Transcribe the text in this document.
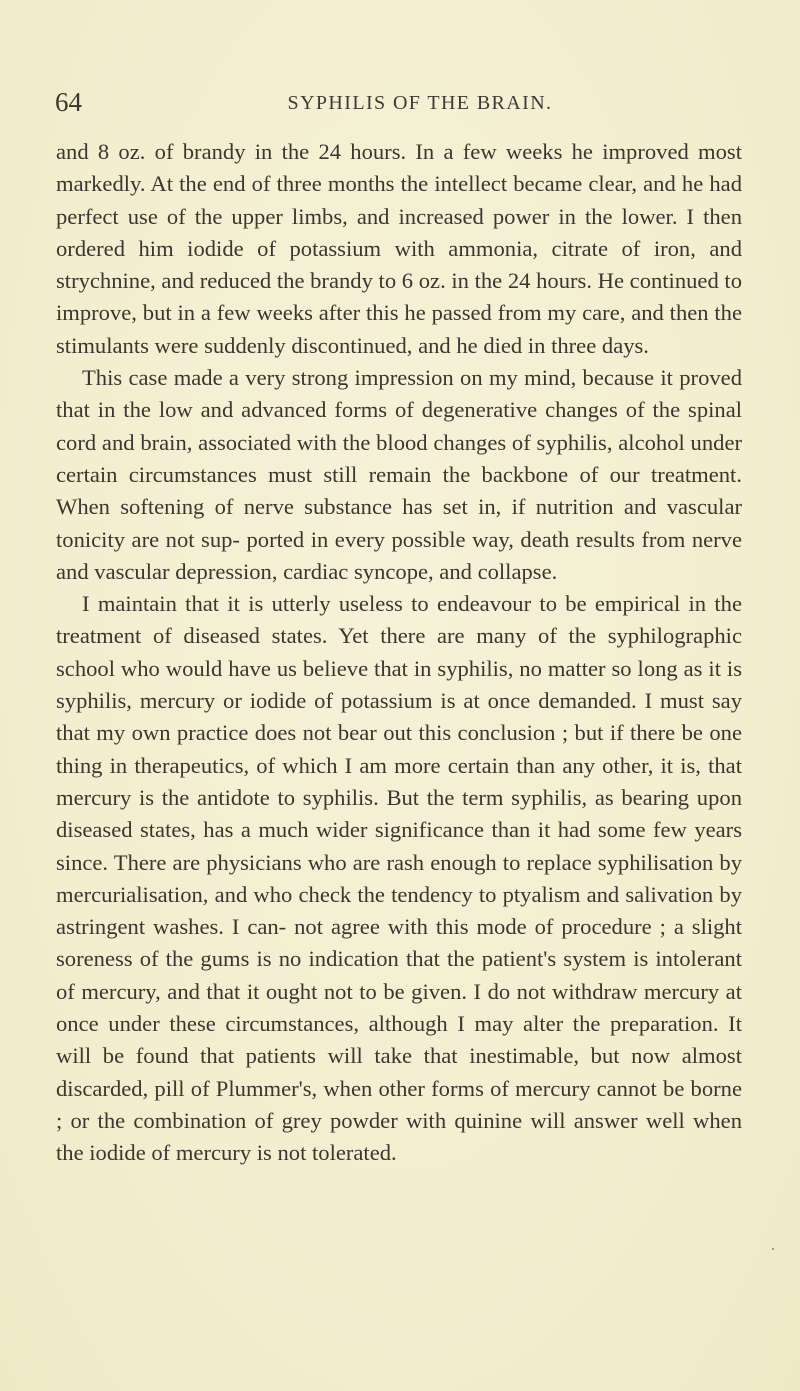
64	SYPHILIS OF THE BRAIN.

and 8 oz. of brandy in the 24 hours. In a few weeks he improved most markedly. At the end of three months the intellect became clear, and he had perfect use of the upper limbs, and increased power in the lower. I then ordered him iodide of potassium with ammonia, citrate of iron, and strychnine, and reduced the brandy to 6 oz. in the 24 hours. He continued to improve, but in a few weeks after this he passed from my care, and then the stimulants were suddenly discontinued, and he died in three days.

This case made a very strong impression on my mind, because it proved that in the low and advanced forms of degenerative changes of the spinal cord and brain, associated with the blood changes of syphilis, alcohol under certain circumstances must still remain the backbone of our treatment. When softening of nerve substance has set in, if nutrition and vascular tonicity are not sup- ported in every possible way, death results from nerve and vascular depression, cardiac syncope, and collapse.

I maintain that it is utterly useless to endeavour to be empirical in the treatment of diseased states. Yet there are many of the syphilographic school who would have us believe that in syphilis, no matter so long as it is syphilis, mercury or iodide of potassium is at once demanded. I must say that my own practice does not bear out this conclusion ; but if there be one thing in therapeutics, of which I am more certain than any other, it is, that mercury is the antidote to syphilis. But the term syphilis, as bearing upon diseased states, has a much wider significance than it had some few years since. There are physicians who are rash enough to replace syphilisation by mercurialisation, and who check the tendency to ptyalism and salivation by astringent washes. I can- not agree with this mode of procedure ; a slight soreness of the gums is no indication that the patient's system is intolerant of mercury, and that it ought not to be given. I do not withdraw mercury at once under these circumstances, although I may alter the preparation. It will be found that patients will take that inestimable, but now almost discarded, pill of Plummer's, when other forms of mercury cannot be borne ; or the combination of grey powder with quinine will answer well when the iodide of mercury is not tolerated.
